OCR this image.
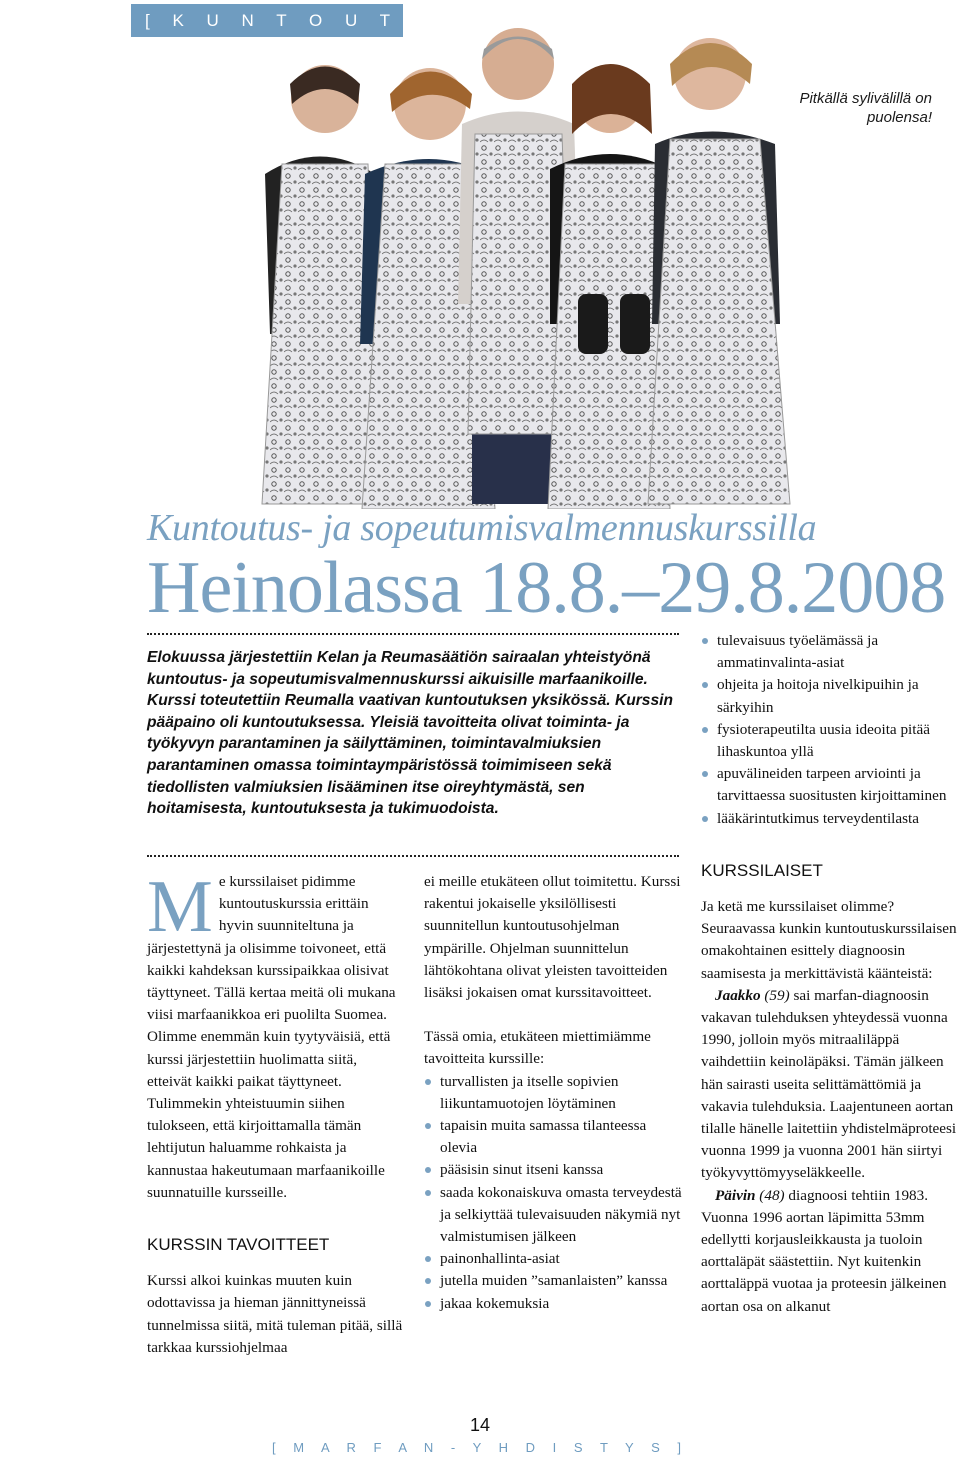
[ K U N T O U T U S ]
Pitkällä sylivälillä on puolensa!
Kuntoutus- ja sopeutumisvalmennuskurssilla
Heinolassa 18.8.–29.8.2008

Elokuussa järjestettiin Kelan ja Reumasäätiön sairaalan yhteistyönä kuntoutus- ja sopeutumisvalmennuskurssi aikuisille marfaanikoille. Kurssi toteutettiin Reumalla vaativan kuntoutuksen yksikössä. Kurssin pääpaino oli kuntoutuksessa. Yleisiä tavoitteita olivat toiminta- ja työkyvyn parantaminen ja säilyttäminen, toimintavalmiuksien parantaminen omassa toimintaympäristössä toimimiseen sekä tiedollisten valmiuksien lisääminen itse oireyhtymästä, sen hoitamisesta, kuntoutuksesta ja tukimuodoista.

Me kurssilaiset pidimme kuntoutuskurssia erittäin hyvin suunniteltuna ja järjestettynä ja olisimme toivoneet, että kaikki kahdeksan kurssipaikkaa olisivat täyttyneet. Tällä kertaa meitä oli mukana viisi marfaanikkoa eri puolilta Suomea. Olimme enemmän kuin tyytyväisiä, että kurssi järjestettiin huolimatta siitä, etteivät kaikki paikat täyttyneet. Tulimmekin yhteistuumin siihen tulokseen, että kirjoittamalla tämän lehtijutun haluamme rohkaista ja kannustaa hakeutumaan marfaanikoille suunnatuille kursseille.

KURSSIN TAVOITTEET

Kurssi alkoi kuinkas muuten kuin odottavissa ja hieman jännittyneissä tunnelmissa siitä, mitä tuleman pitää, sillä tarkkaa kurssiohjelmaa

ei meille etukäteen ollut toimitettu. Kurssi rakentui jokaiselle yksilöllisesti suunnitellun kuntoutusohjelman ympärille. Ohjelman suunnittelun lähtökohtana olivat yleisten tavoitteiden lisäksi jokaisen omat kurssitavoitteet.

Tässä omia, etukäteen miettimiämme tavoitteita kurssille:

turvallisten ja itselle sopivien liikuntamuotojen löytäminen
tapaisin muita samassa tilanteessa olevia
pääsisin sinut itseni kanssa
saada kokonaiskuva omasta terveydestä ja selkiyttää tulevaisuuden näkymiä nyt valmistumisen jälkeen
painonhallinta-asiat
jutella muiden ”samanlaisten” kanssa
jakaa kokemuksia
tulevaisuus työelämässä ja ammatinvalinta-asiat
ohjeita ja hoitoja nivelkipuihin ja särkyihin
fysioterapeutilta uusia ideoita pitää lihaskuntoa yllä
apuvälineiden tarpeen arviointi ja tarvittaessa suositusten kirjoittaminen
lääkärintutkimus terveydentilasta
KURSSILAISET

Ja ketä me kurssilaiset olimme? Seuraavassa kunkin kuntoutuskurssilaisen omakohtainen esittely diagnoosin saamisesta ja merkittävistä käänteistä:

Jaakko (59) sai marfan-diagnoosin vakavan tulehduksen yhteydessä vuonna 1990, jolloin myös mitraaliläppä vaihdettiin keinoläpäksi. Tämän jälkeen hän sairasti useita selittämättömiä ja vakavia tulehduksia. Laajentuneen aortan tilalle hänelle laitettiin yhdistelmäproteesi vuonna 1999 ja vuonna 2001 hän siirtyi työkyvyttömyyseläkkeelle.

Päivin (48) diagnoosi tehtiin 1983. Vuonna 1996 aortan läpimitta 53mm edellytti korjausleikkausta ja tuoloin aorttaläpät säästettiin. Nyt kuitenkin aorttaläppä vuotaa ja proteesin jälkeinen aortan osa on alkanut

14
[ M A R F A N - Y H D I S T Y S ]
